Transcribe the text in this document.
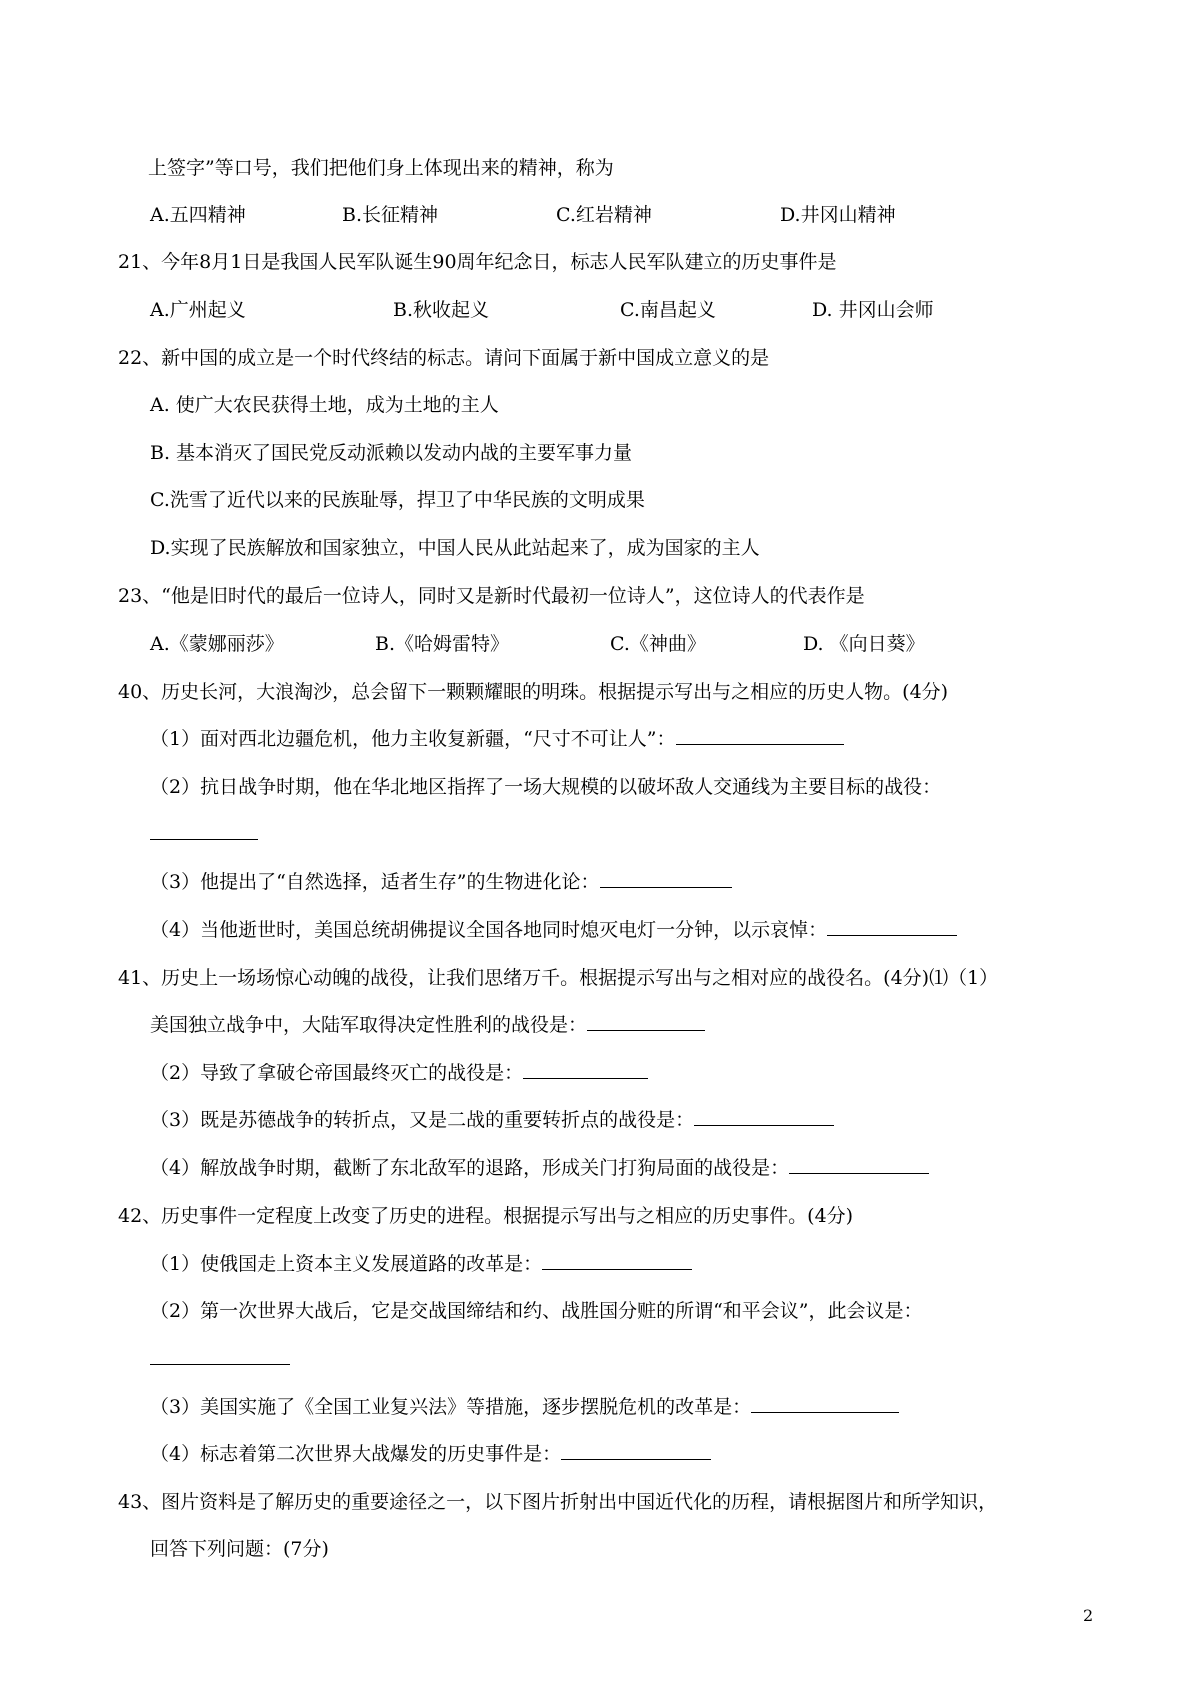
上签字”等口号，我们把他们身上体现出来的精神，称为
A.五四精神	B.长征精神	C.红岩精神	D.井冈山精神
21、今年8月1日是我国人民军队诞生90周年纪念日，标志人民军队建立的历史事件是
A.广州起义	B.秋收起义	C.南昌起义	D. 井冈山会师
22、新中国的成立是一个时代终结的标志。请问下面属于新中国成立意义的是
A. 使广大农民获得土地，成为土地的主人
B. 基本消灭了国民党反动派赖以发动内战的主要军事力量
C.洗雪了近代以来的民族耻辱，捍卫了中华民族的文明成果
D.实现了民族解放和国家独立，中国人民从此站起来了，成为国家的主人
23、“他是旧时代的最后一位诗人，同时又是新时代最初一位诗人”，这位诗人的代表作是
A.《蒙娜丽莎》	B.《哈姆雷特》	C.《神曲》	D. 《向日葵》
40、历史长河，大浪淘沙，总会留下一颗颗耀眼的明珠。根据提示写出与之相应的历史人物。(4分)
（1）面对西北边疆危机，他力主收复新疆，“尺寸不可让人”：
（2）抗日战争时期，他在华北地区指挥了一场大规模的以破坏敌人交通线为主要目标的战役：
（3）他提出了“自然选择，适者生存”的生物进化论：
（4）当他逝世时，美国总统胡佛提议全国各地同时熄灭电灯一分钟，以示哀悼：
41、历史上一场场惊心动魄的战役，让我们思绪万千。根据提示写出与之相对应的战役名。(4分)⑴（1）
美国独立战争中，大陆军取得决定性胜利的战役是：
（2）导致了拿破仑帝国最终灭亡的战役是：
（3）既是苏德战争的转折点，又是二战的重要转折点的战役是：
（4）解放战争时期，截断了东北敌军的退路，形成关门打狗局面的战役是：
42、历史事件一定程度上改变了历史的进程。根据提示写出与之相应的历史事件。(4分)
（1）使俄国走上资本主义发展道路的改革是：
（2）第一次世界大战后，它是交战国缔结和约、战胜国分赃的所谓“和平会议”，此会议是：
（3）美国实施了《全国工业复兴法》等措施，逐步摆脱危机的改革是：
（4）标志着第二次世界大战爆发的历史事件是：
43、图片资料是了解历史的重要途径之一，以下图片折射出中国近代化的历程，请根据图片和所学知识，
回答下列问题：(7分)
2
